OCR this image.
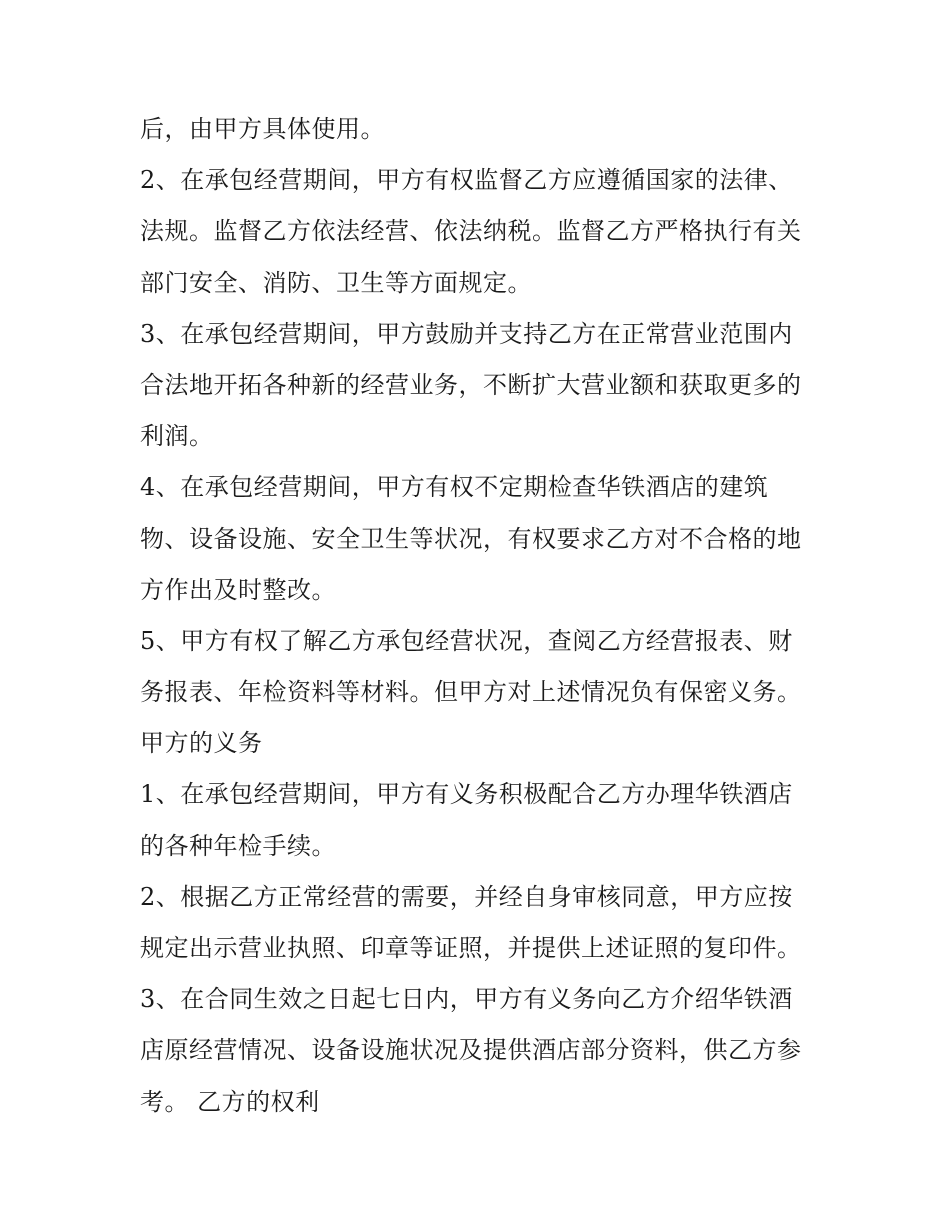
后，由甲方具体使用。
2、在承包经营期间，甲方有权监督乙方应遵循国家的法律、
法规。监督乙方依法经营、依法纳税。监督乙方严格执行有关
部门安全、消防、卫生等方面规定。
3、在承包经营期间，甲方鼓励并支持乙方在正常营业范围内
合法地开拓各种新的经营业务，不断扩大营业额和获取更多的
利润。
4、在承包经营期间，甲方有权不定期检查华铁酒店的建筑
物、设备设施、安全卫生等状况，有权要求乙方对不合格的地
方作出及时整改。
5、甲方有权了解乙方承包经营状况，查阅乙方经营报表、财
务报表、年检资料等材料。但甲方对上述情况负有保密义务。
甲方的义务
1、在承包经营期间，甲方有义务积极配合乙方办理华铁酒店
的各种年检手续。
2、根据乙方正常经营的需要，并经自身审核同意，甲方应按
规定出示营业执照、印章等证照，并提供上述证照的复印件。
3、在合同生效之日起七日内，甲方有义务向乙方介绍华铁酒
店原经营情况、设备设施状况及提供酒店部分资料，供乙方参
考。 乙方的权利
